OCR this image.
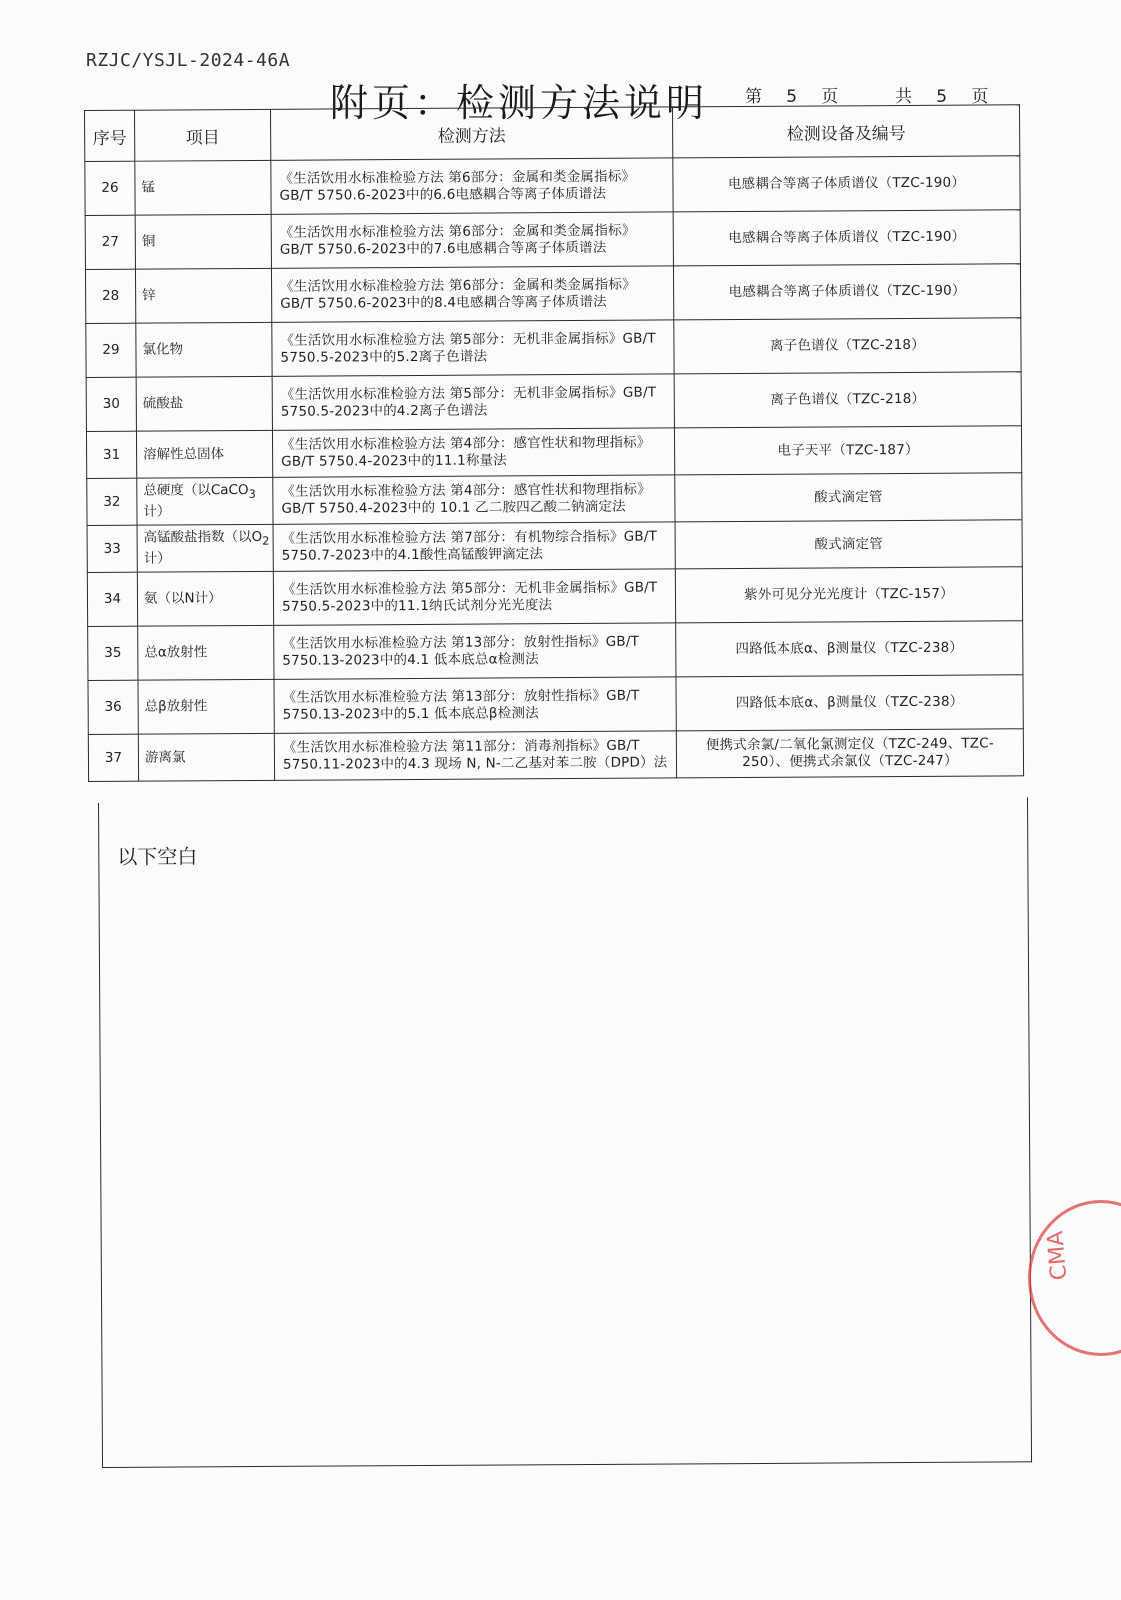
RZJC/YSJL-2024-46A
附页：检测方法说明 第 5 页	共 5 页
序号	项目	检测方法	检测设备及编号
26	锰	《生活饮用水标准检验方法 第6部分：金属和类金属指标》GB/T 5750.6-2023中的6.6电感耦合等离子体质谱法	电感耦合等离子体质谱仪（TZC-190）
27	铜	《生活饮用水标准检验方法 第6部分：金属和类金属指标》GB/T 5750.6-2023中的7.6电感耦合等离子体质谱法	电感耦合等离子体质谱仪（TZC-190）
28	锌	《生活饮用水标准检验方法 第6部分：金属和类金属指标》GB/T 5750.6-2023中的8.4电感耦合等离子体质谱法	电感耦合等离子体质谱仪（TZC-190）
29	氯化物	《生活饮用水标准检验方法 第5部分：无机非金属指标》GB/T 5750.5-2023中的5.2离子色谱法	离子色谱仪（TZC-218）
30	硫酸盐	《生活饮用水标准检验方法 第5部分：无机非金属指标》GB/T 5750.5-2023中的4.2离子色谱法	离子色谱仪（TZC-218）
31	溶解性总固体	《生活饮用水标准检验方法 第4部分：感官性状和物理指标》GB/T 5750.4-2023中的11.1称量法	电子天平（TZC-187）
32	总硬度（以CaCO$_3$计）	《生活饮用水标准检验方法 第4部分：感官性状和物理指标》GB/T 5750.4-2023中的 10.1 乙二胺四乙酸二钠滴定法	酸式滴定管
33	高锰酸盐指数（以$O_2$计）	《生活饮用水标准检验方法 第7部分：有机物综合指标》GB/T 5750.7-2023中的4.1酸性高锰酸钾滴定法	酸式滴定管
34	氨（以N计）	《生活饮用水标准检验方法 第5部分：无机非金属指标》GB/T 5750.5-2023中的11.1纳氏试剂分光光度法	紫外可见分光光度计（TZC-157）
35	总α放射性	《生活饮用水标准检验方法 第13部分：放射性指标》GB/T 5750.13-2023中的4.1 低本底总α检测法	四路低本底α、β测量仪（TZC-238）
36	总β放射性	《生活饮用水标准检验方法 第13部分：放射性指标》GB/T 5750.13-2023中的5.1 低本底总β检测法	四路低本底α、β测量仪（TZC-238）
37	游离氯	《生活饮用水标准检验方法 第11部分：消毒剂指标》GB/T 5750.11-2023中的4.3 现场 N, N-二乙基对苯二胺（DPD）法	便携式余氯/二氧化氯测定仪（TZC-249、TZC-250）、便携式余氯仪（TZC-247）
以下空白
CMA
